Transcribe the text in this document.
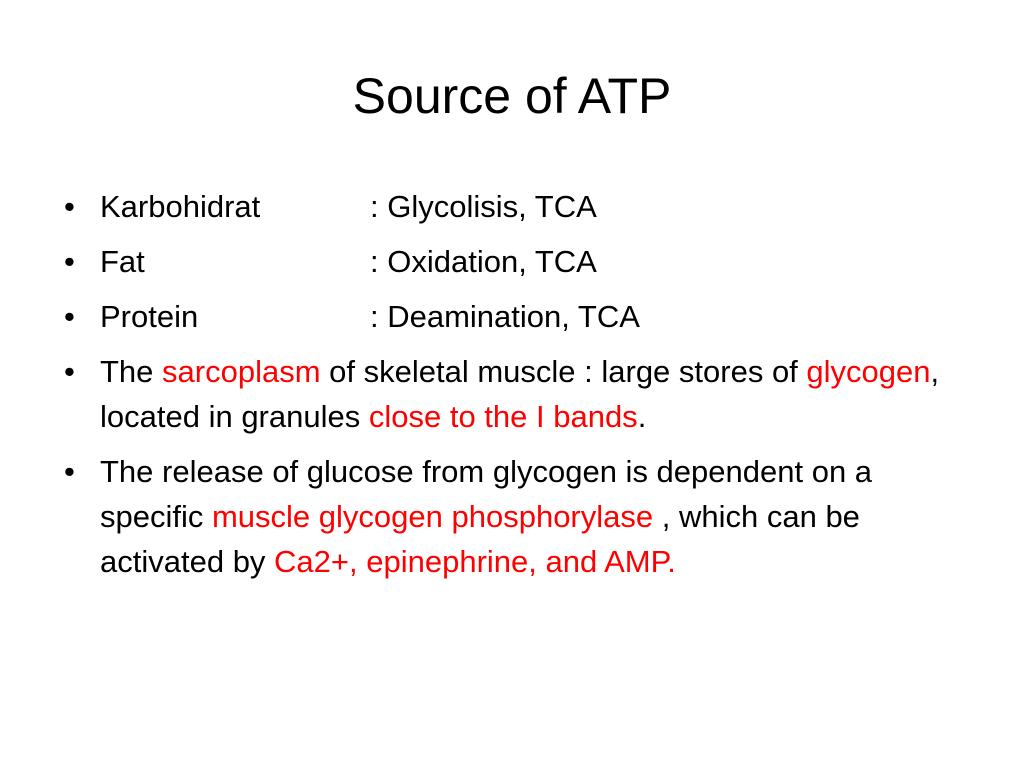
Source of ATP
• Karbohidrat	: Glycolisis, TCA
• Fat	: Oxidation, TCA
• Protein	: Deamination, TCA
• The sarcoplasm of skeletal muscle : large stores of glycogen, located in granules close to the I bands.
• The release of glucose from glycogen is dependent on a specific muscle glycogen phosphorylase , which can be activated by Ca2+, epinephrine, and AMP.
